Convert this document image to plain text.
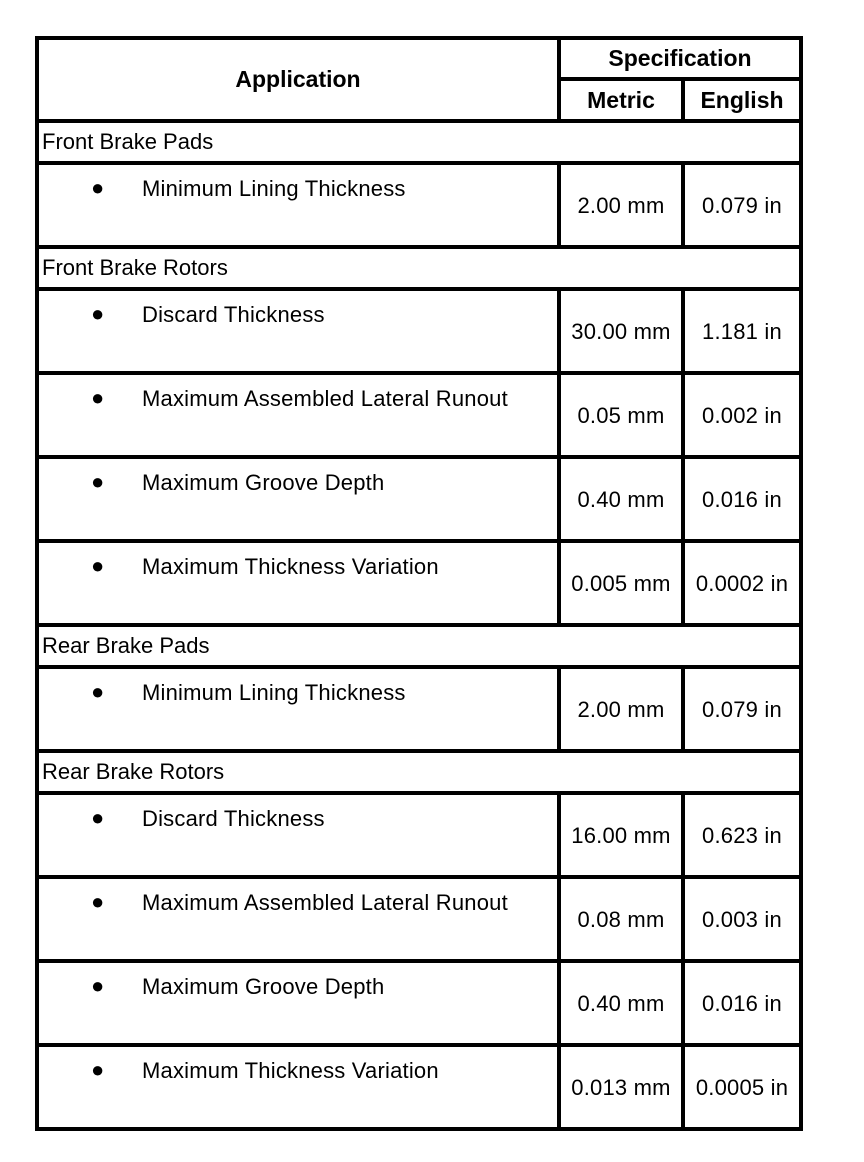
Application	Specification	
	Metric	English
Front Brake Pads		

● Minimum Lining Thickness	2.00 mm	0.079 in
Front Brake Rotors		

● Discard Thickness	30.00 mm	1.181 in

● Maximum Assembled Lateral Runout	0.05 mm	0.002 in

● Maximum Groove Depth	0.40 mm	0.016 in

● Maximum Thickness Variation	0.005 mm	0.0002 in
Rear Brake Pads		

● Minimum Lining Thickness	2.00 mm	0.079 in
Rear Brake Rotors		

● Discard Thickness	16.00 mm	0.623 in

● Maximum Assembled Lateral Runout	0.08 mm	0.003 in

● Maximum Groove Depth	0.40 mm	0.016 in

● Maximum Thickness Variation	0.013 mm	0.0005 in
